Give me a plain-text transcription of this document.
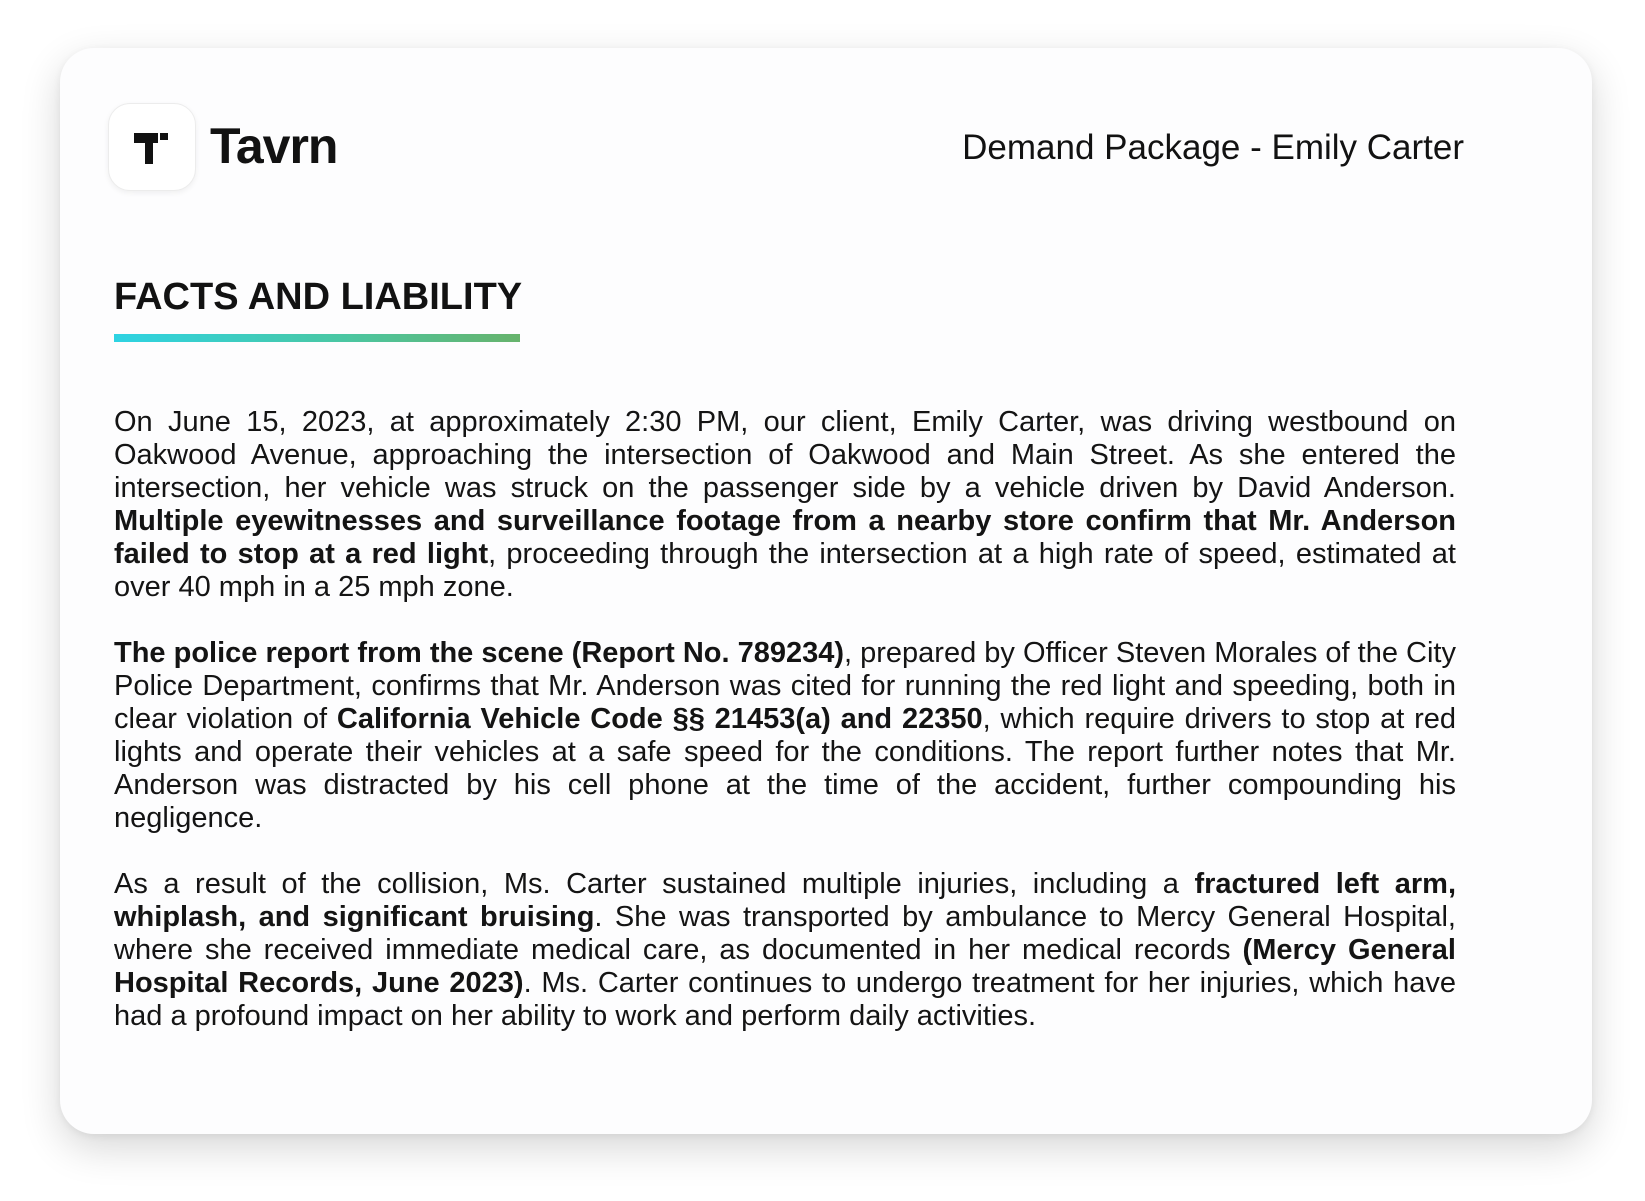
Tavrn	Demand Package - Emily Carter
FACTS AND LIABILITY

On June 15, 2023, at approximately 2:30 PM, our client, Emily Carter, was driving westbound on Oakwood Avenue, approaching the intersection of Oakwood and Main Street. As she entered the intersection, her vehicle was struck on the passenger side by a vehicle driven by David Anderson. Multiple eyewitnesses and surveillance footage from a nearby store confirm that Mr. Anderson failed to stop at a red light, proceeding through the intersection at a high rate of speed, estimated at over 40 mph in a 25 mph zone.

The police report from the scene (Report No. 789234), prepared by Officer Steven Morales of the City Police Department, confirms that Mr. Anderson was cited for running the red light and speeding, both in clear violation of California Vehicle Code §§ 21453(a) and 22350, which require drivers to stop at red lights and operate their vehicles at a safe speed for the conditions. The report further notes that Mr. Anderson was distracted by his cell phone at the time of the accident, further compounding his negligence.

As a result of the collision, Ms. Carter sustained multiple injuries, including a fractured left arm, whiplash, and significant bruising. She was transported by ambulance to Mercy General Hospital, where she received immediate medical care, as documented in her medical records (Mercy General Hospital Records, June 2023). Ms. Carter continues to undergo treatment for her injuries, which have had a profound impact on her ability to work and perform daily activities.
